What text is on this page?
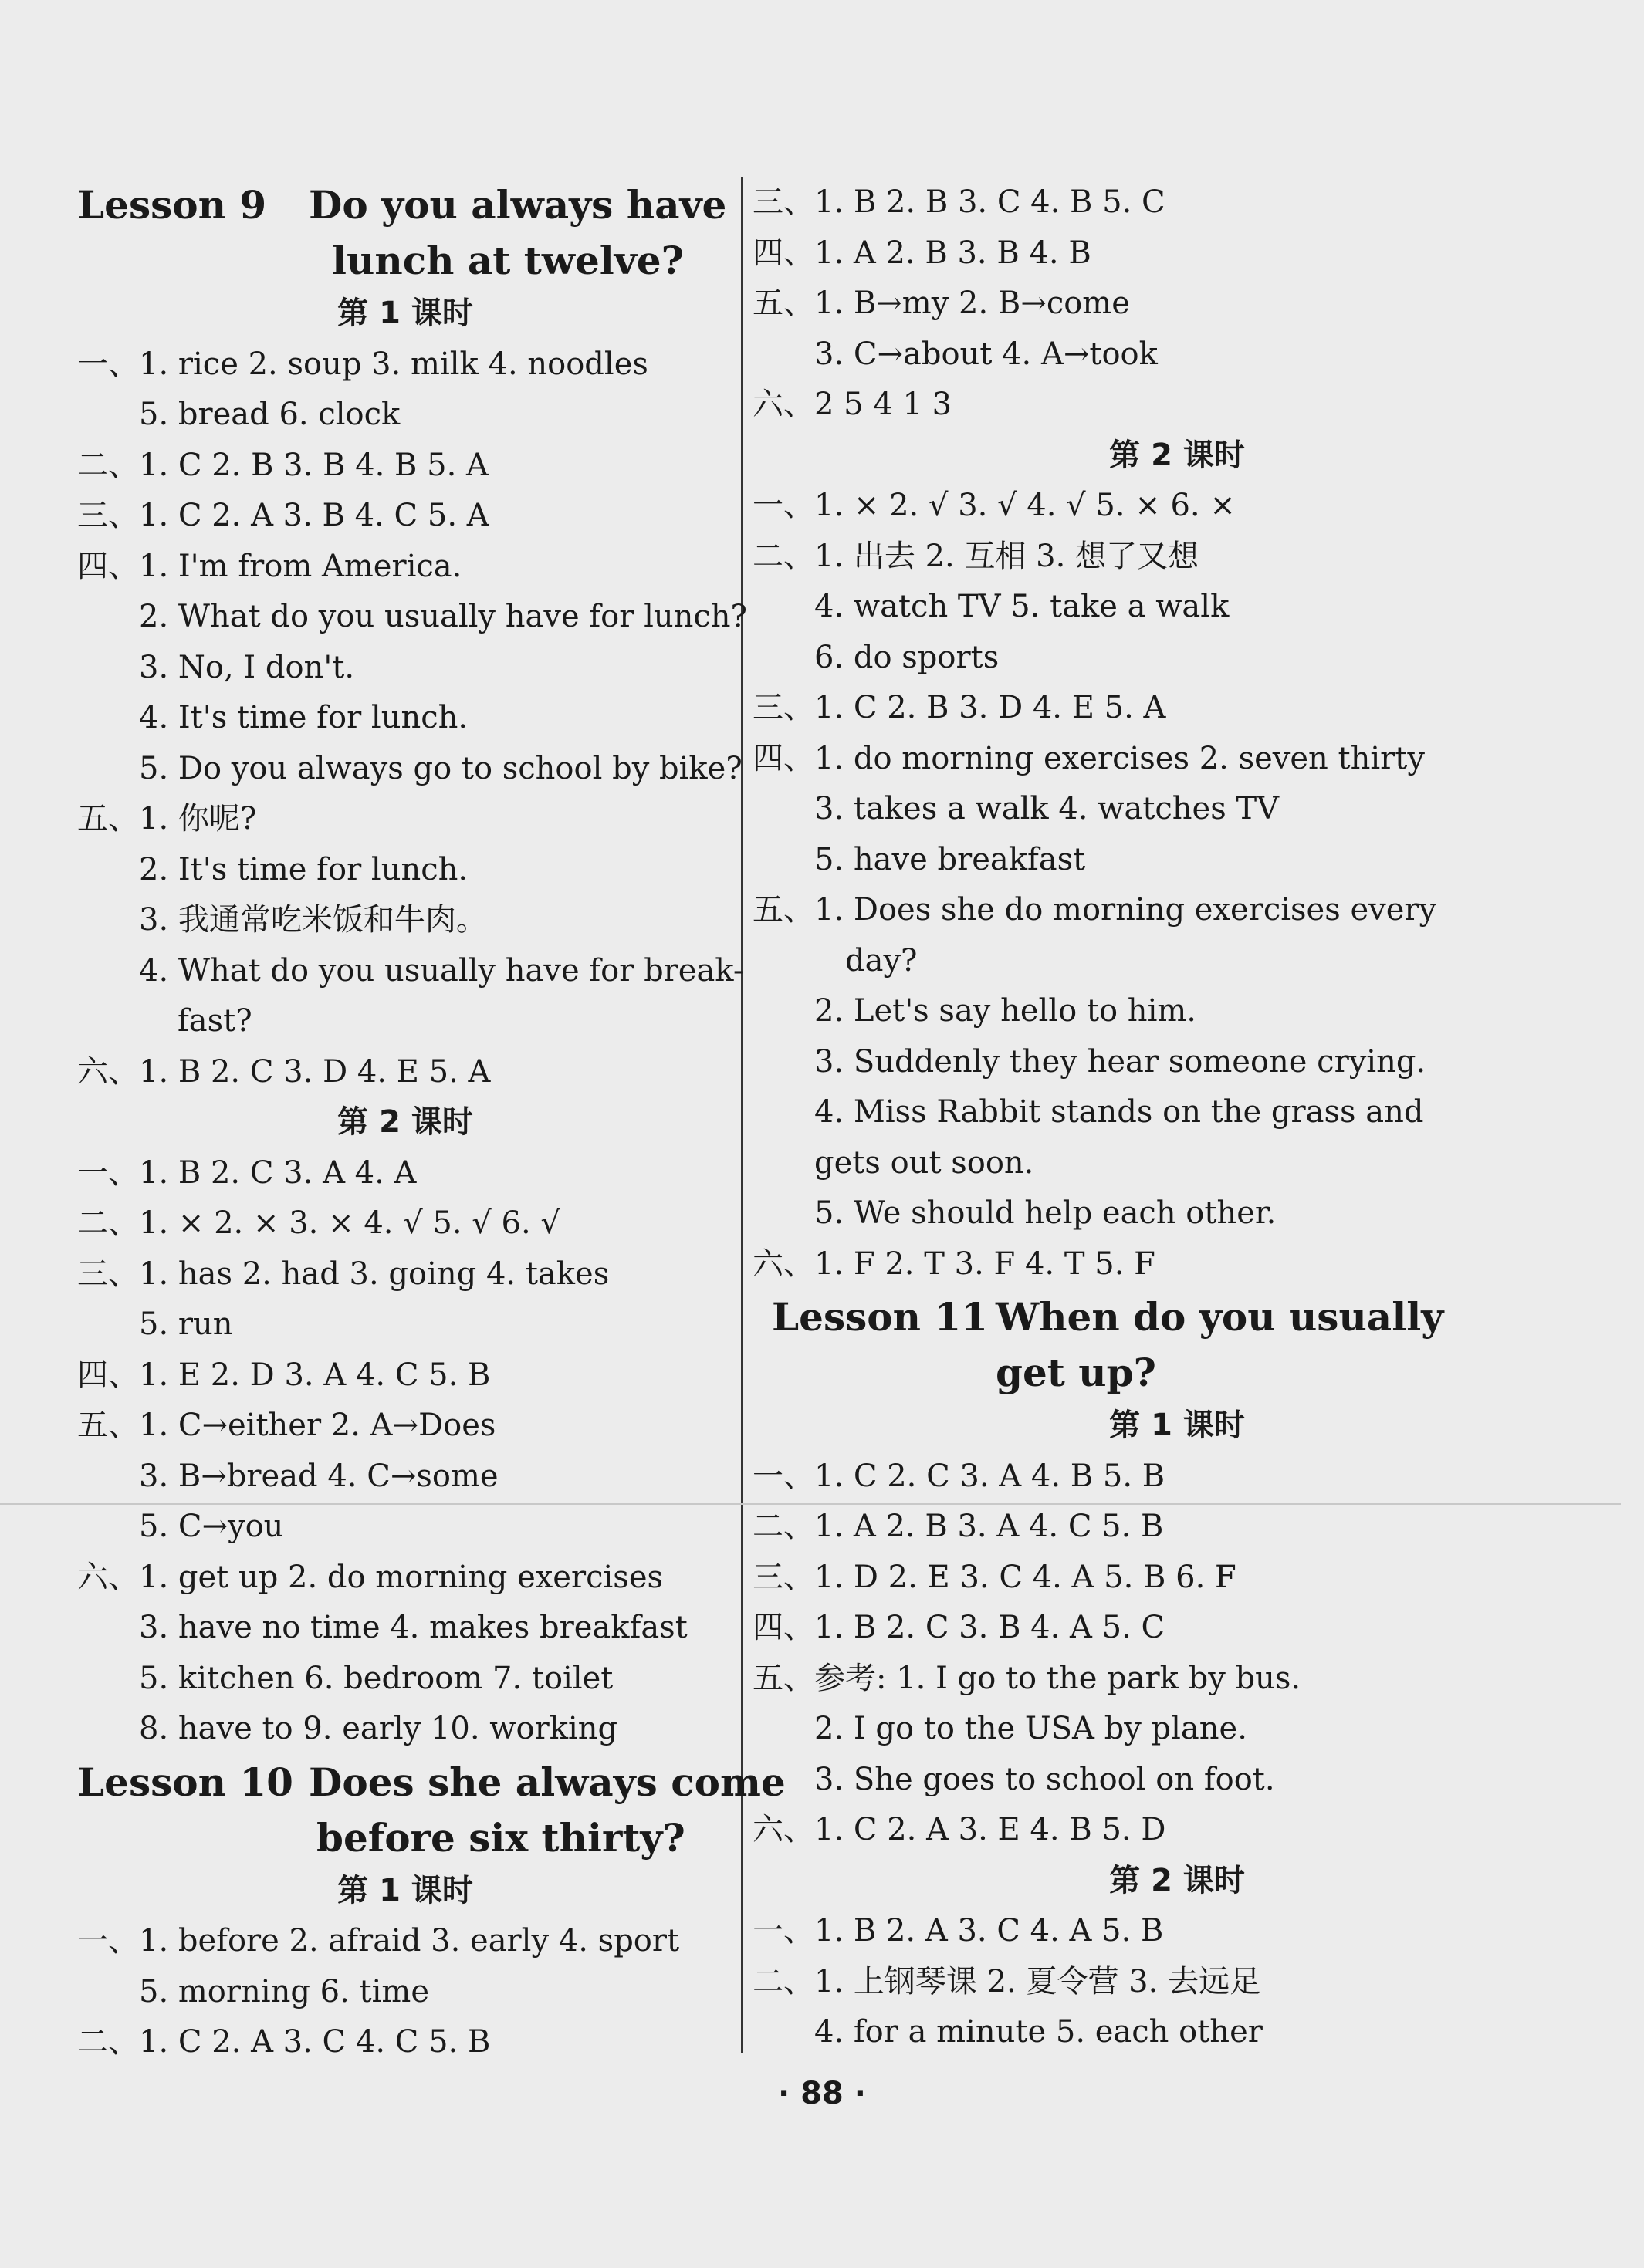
Lesson 9	Do you always have
lunch at twelve?
第 1 课时
一、1. rice 2. soup 3. milk 4. noodles
5. bread 6. clock
二、1. C 2. B 3. B 4. B 5. A
三、1. C 2. A 3. B 4. C 5. A
四、1. I'm from America.
2. What do you usually have for lunch?
3. No, I don't.
4. It's time for lunch.
5. Do you always go to school by bike?
五、1. 你呢?
2. It's time for lunch.
3. 我通常吃米饭和牛肉。
4. What do you usually have for break-
fast?
六、1. B 2. C 3. D 4. E 5. A
第 2 课时
一、1. B 2. C 3. A 4. A
二、1. × 2. × 3. × 4. √ 5. √ 6. √
三、1. has 2. had 3. going 4. takes
5. run
四、1. E 2. D 3. A 4. C 5. B
五、1. C→either 2. A→Does
3. B→bread 4. C→some
5. C→you
六、1. get up 2. do morning exercises
3. have no time 4. makes breakfast
5. kitchen 6. bedroom 7. toilet
8. have to 9. early 10. working
Lesson 10 Does she always come
before six thirty?
第 1 课时
一、1. before 2. afraid 3. early 4. sport
5. morning 6. time
二、1. C 2. A 3. C 4. C 5. B
三、1. B 2. B 3. C 4. B 5. C
四、1. A 2. B 3. B 4. B
五、1. B→my 2. B→come
3. C→about 4. A→took
六、2 5 4 1 3
第 2 课时
一、1. × 2. √ 3. √ 4. √ 5. × 6. ×
二、1. 出去 2. 互相 3. 想了又想
4. watch TV 5. take a walk
6. do sports
三、1. C 2. B 3. D 4. E 5. A
四、1. do morning exercises 2. seven thirty
3. takes a walk 4. watches TV
5. have breakfast
五、1. Does she do morning exercises every
day?
2. Let's say hello to him.
3. Suddenly they hear someone crying.
4. Miss Rabbit stands on the grass and
gets out soon.
5. We should help each other.
六、1. F 2. T 3. F 4. T 5. F
Lesson 11 When do you usually
get up?
第 1 课时
一、1. C 2. C 3. A 4. B 5. B
二、1. A 2. B 3. A 4. C 5. B
三、1. D 2. E 3. C 4. A 5. B 6. F
四、1. B 2. C 3. B 4. A 5. C
五、参考: 1. I go to the park by bus.
2. I go to the USA by plane.
3. She goes to school on foot.
六、1. C 2. A 3. E 4. B 5. D
第 2 课时
一、1. B 2. A 3. C 4. A 5. B
二、1. 上钢琴课 2. 夏令营 3. 去远足
4. for a minute 5. each other
· 88 ·
